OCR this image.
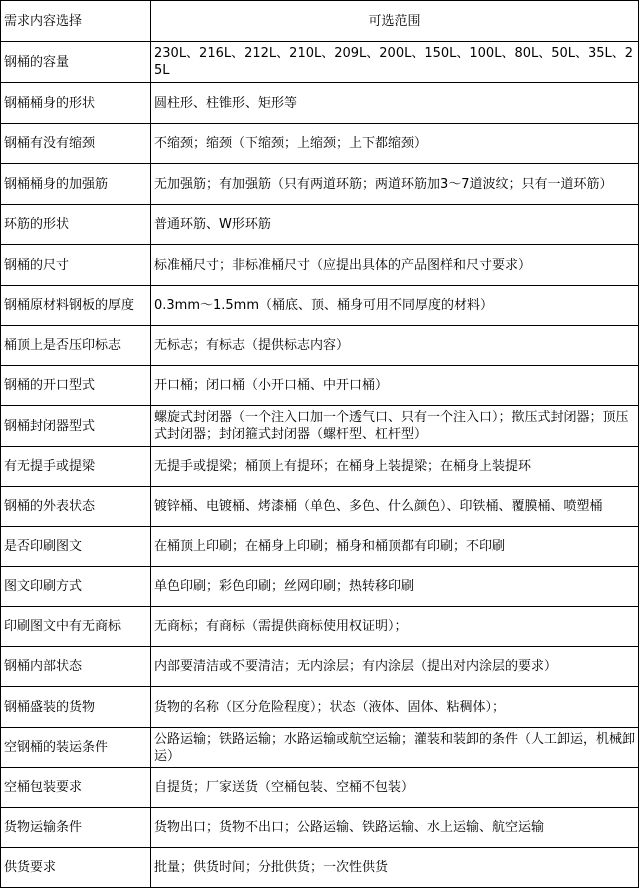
需求内容选择	可选范围
钢桶的容量	230L、216L、212L、210L、209L、200L、150L、100L、80L、50L、35L、25L
钢桶桶身的形状	圆柱形、柱锥形、矩形等
钢桶有没有缩颈	不缩颈；缩颈（下缩颈；上缩颈；上下都缩颈）
钢桶桶身的加强筋	无加强筋；有加强筋（只有两道环筋；两道环筋加3～7道波纹；只有一道环筋）
环筋的形状	普通环筋、W形环筋
钢桶的尺寸	标准桶尺寸；非标准桶尺寸（应提出具体的产品图样和尺寸要求）
钢桶原材料钢板的厚度	0.3mm～1.5mm（桶底、顶、桶身可用不同厚度的材料）
桶顶上是否压印标志	无标志；有标志（提供标志内容）
钢桶的开口型式	开口桶；闭口桶（小开口桶、中开口桶）
钢桶封闭器型式	螺旋式封闭器（一个注入口加一个透气口、只有一个注入口）；揿压式封闭器；顶压式封闭器；封闭箍式封闭器（螺杆型、杠杆型）
有无提手或提梁	无提手或提梁；桶顶上有提环；在桶身上装提梁；在桶身上装提环
钢桶的外表状态	镀锌桶、电镀桶、烤漆桶（单色、多色、什么颜色）、印铁桶、覆膜桶、喷塑桶
是否印刷图文	在桶顶上印刷；在桶身上印刷；桶身和桶顶都有印刷；不印刷
图文印刷方式	单色印刷；彩色印刷；丝网印刷；热转移印刷
印刷图文中有无商标	无商标；有商标（需提供商标使用权证明）；
钢桶内部状态	内部要清洁或不要清洁；无内涂层；有内涂层（提出对内涂层的要求）
钢桶盛装的货物	货物的名称（区分危险程度）；状态（液体、固体、粘稠体）；
空钢桶的装运条件	公路运输；铁路运输；水路运输或航空运输；灌装和装卸的条件（人工卸运，机械卸运）
空桶包装要求	自提货；厂家送货（空桶包装、空桶不包装）
货物运输条件	货物出口；货物不出口；公路运输、铁路运输、水上运输、航空运输
供货要求	批量；供货时间；分批供货；一次性供货
